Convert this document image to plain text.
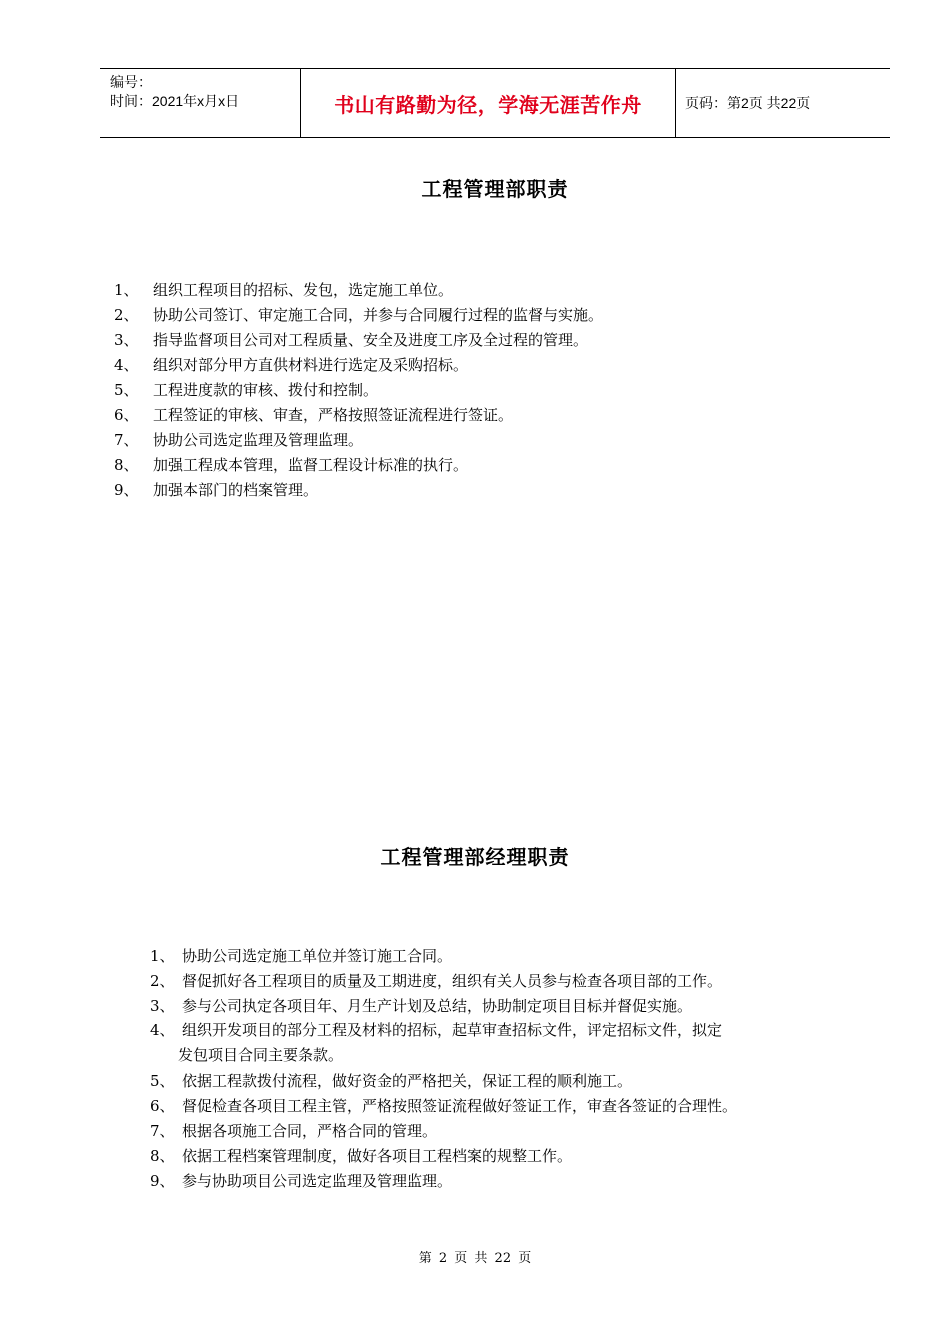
编号：
时间：2021年x月x日	书山有路勤为径，学海无涯苦作舟	页码：第2页 共22页
工程管理部职责
1、 组织工程项目的招标、发包，选定施工单位。
2、 协助公司签订、审定施工合同，并参与合同履行过程的监督与实施。
3、 指导监督项目公司对工程质量、安全及进度工序及全过程的管理。
4、 组织对部分甲方直供材料进行选定及采购招标。
5、 工程进度款的审核、拨付和控制。
6、 工程签证的审核、审查，严格按照签证流程进行签证。
7、 协助公司选定监理及管理监理。
8、 加强工程成本管理，监督工程设计标准的执行。
9、 加强本部门的档案管理。
工程管理部经理职责
1、 协助公司选定施工单位并签订施工合同。
2、 督促抓好各工程项目的质量及工期进度，组织有关人员参与检查各项目部的工作。
3、 参与公司执定各项目年、月生产计划及总结，协助制定项目目标并督促实施。
4、 组织开发项目的部分工程及材料的招标，起草审查招标文件，评定招标文件，拟定
发包项目合同主要条款。
5、 依据工程款拨付流程，做好资金的严格把关，保证工程的顺利施工。
6、 督促检查各项目工程主管，严格按照签证流程做好签证工作，审查各签证的合理性。
7、 根据各项施工合同，严格合同的管理。
8、 依据工程档案管理制度，做好各项目工程档案的规整工作。
9、 参与协助项目公司选定监理及管理监理。
第 2 页 共 22 页
